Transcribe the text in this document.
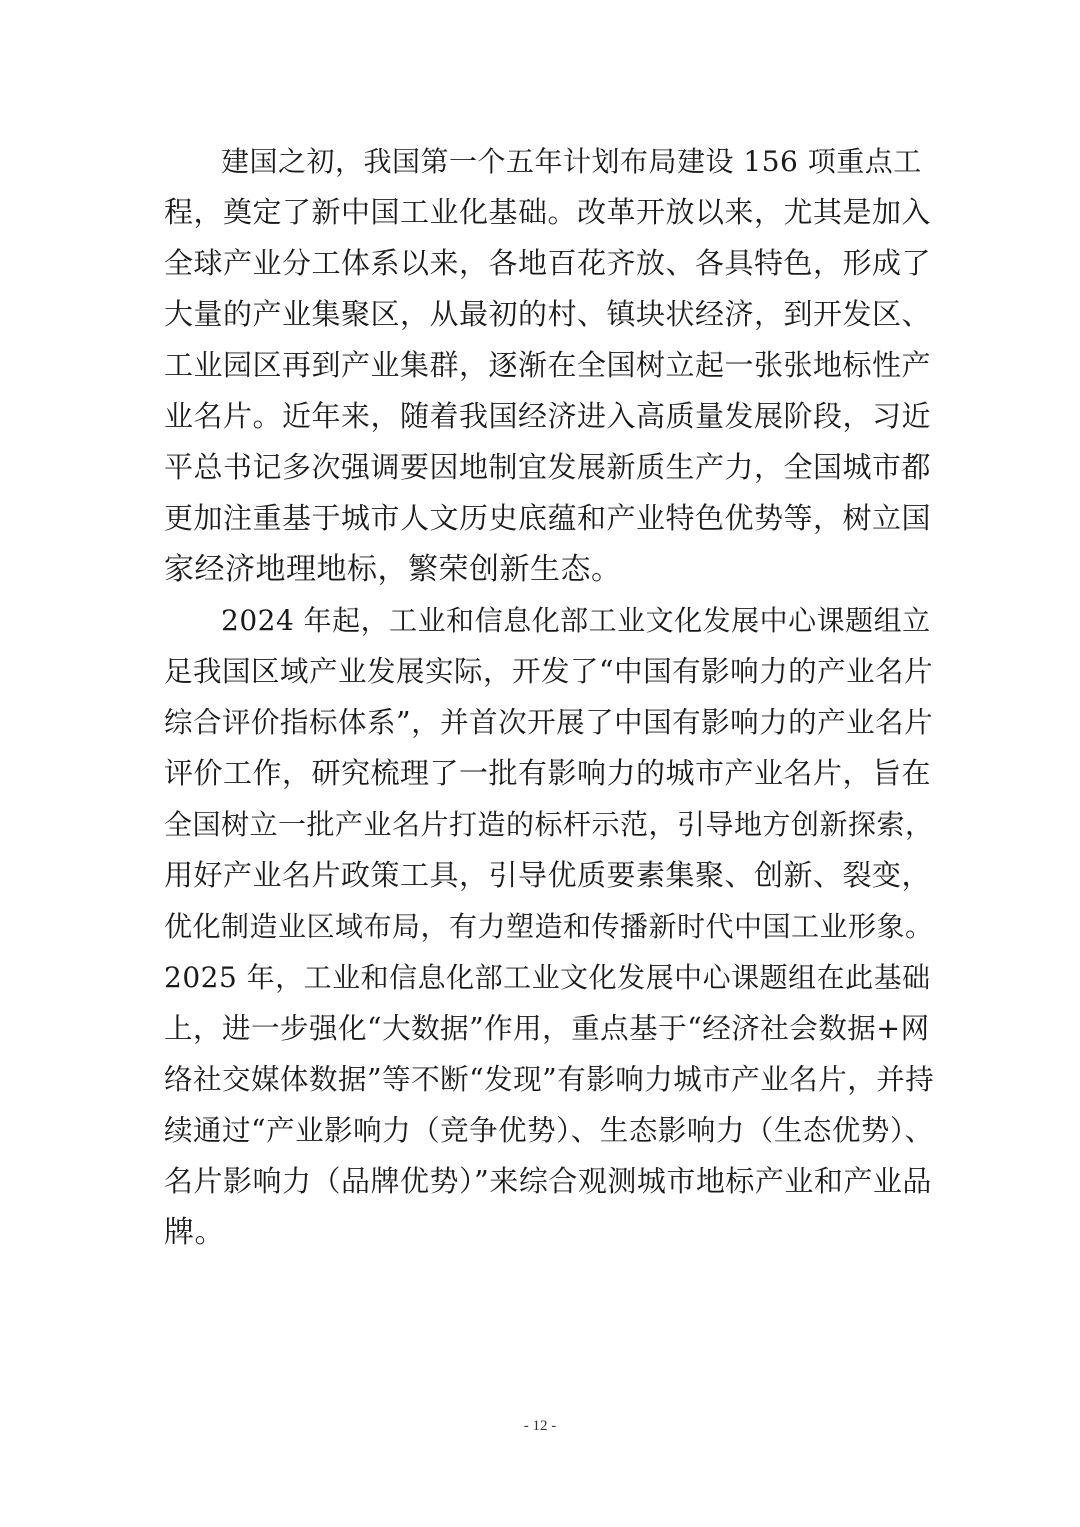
　　建国之初，我国第一个五年计划布局建设 156 项重点工
程，奠定了新中国工业化基础。改革开放以来，尤其是加入
全球产业分工体系以来，各地百花齐放、各具特色，形成了
大量的产业集聚区，从最初的村、镇块状经济，到开发区、
工业园区再到产业集群，逐渐在全国树立起一张张地标性产
业名片。近年来，随着我国经济进入高质量发展阶段，习近
平总书记多次强调要因地制宜发展新质生产力，全国城市都
更加注重基于城市人文历史底蕴和产业特色优势等，树立国
家经济地理地标，繁荣创新生态。
　　2024 年起，工业和信息化部工业文化发展中心课题组立
足我国区域产业发展实际，开发了“中国有影响力的产业名片
综合评价指标体系”，并首次开展了中国有影响力的产业名片
评价工作，研究梳理了一批有影响力的城市产业名片，旨在
全国树立一批产业名片打造的标杆示范，引导地方创新探索，
用好产业名片政策工具，引导优质要素集聚、创新、裂变，
优化制造业区域布局，有力塑造和传播新时代中国工业形象。
2025 年，工业和信息化部工业文化发展中心课题组在此基础
上，进一步强化“大数据”作用，重点基于“经济社会数据+网
络社交媒体数据”等不断“发现”有影响力城市产业名片，并持
续通过“产业影响力（竞争优势）、生态影响力（生态优势）、
名片影响力（品牌优势）”来综合观测城市地标产业和产业品
牌。
- 12 -
